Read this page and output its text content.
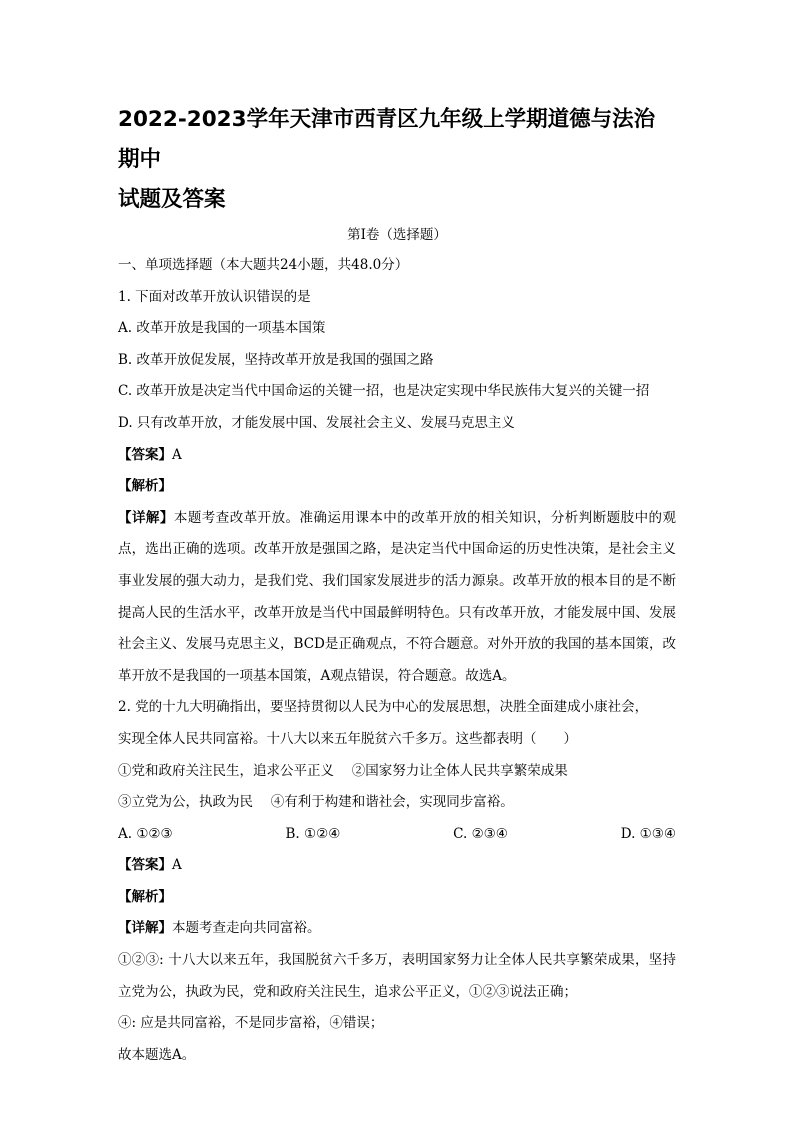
2022-2023学年天津市西青区九年级上学期道德与法治期中
试题及答案
第Ⅰ卷（选择题）
一、单项选择题（本大题共24小题，共48.0分）
1. 下面对改革开放认识错误的是
A. 改革开放是我国的一项基本国策
B. 改革开放促发展，坚持改革开放是我国的强国之路
C. 改革开放是决定当代中国命运的关键一招，也是决定实现中华民族伟大复兴的关键一招
D. 只有改革开放，才能发展中国、发展社会主义、发展马克思主义
【答案】A
【解析】

【详解】本题考查改革开放。准确运用课本中的改革开放的相关知识，分析判断题肢中的观点，选出正确的选项。改革开放是强国之路，是决定当代中国命运的历史性决策，是社会主义事业发展的强大动力，是我们党、我们国家发展进步的活力源泉。改革开放的根本目的是不断提高人民的生活水平，改革开放是当代中国最鲜明特色。只有改革开放，才能发展中国、发展社会主义、发展马克思主义，BCD是正确观点，不符合题意。对外开放的我国的基本国策，改革开放不是我国的一项基本国策，A观点错误，符合题意。故选A。

2. 党的十九大明确指出，要坚持贯彻以人民为中心的发展思想，决胜全面建成小康社会，
实现全体人民共同富裕。十八大以来五年脱贫六千多万。这些都表明（　　）
①党和政府关注民生，追求公平正义　 ②国家努力让全体人民共享繁荣成果
③立党为公，执政为民　 ④有利于构建和谐社会，实现同步富裕。
A. ①②③	B. ①②④	C. ②③④	D. ①③④
【答案】A
【解析】
【详解】本题考查走向共同富裕。

①②③: 十八大以来五年，我国脱贫六千多万，表明国家努力让全体人民共享繁荣成果，坚持立党为公，执政为民，党和政府关注民生，追求公平正义，①②③说法正确；

④: 应是共同富裕，不是同步富裕，④错误；
故本题选A。
